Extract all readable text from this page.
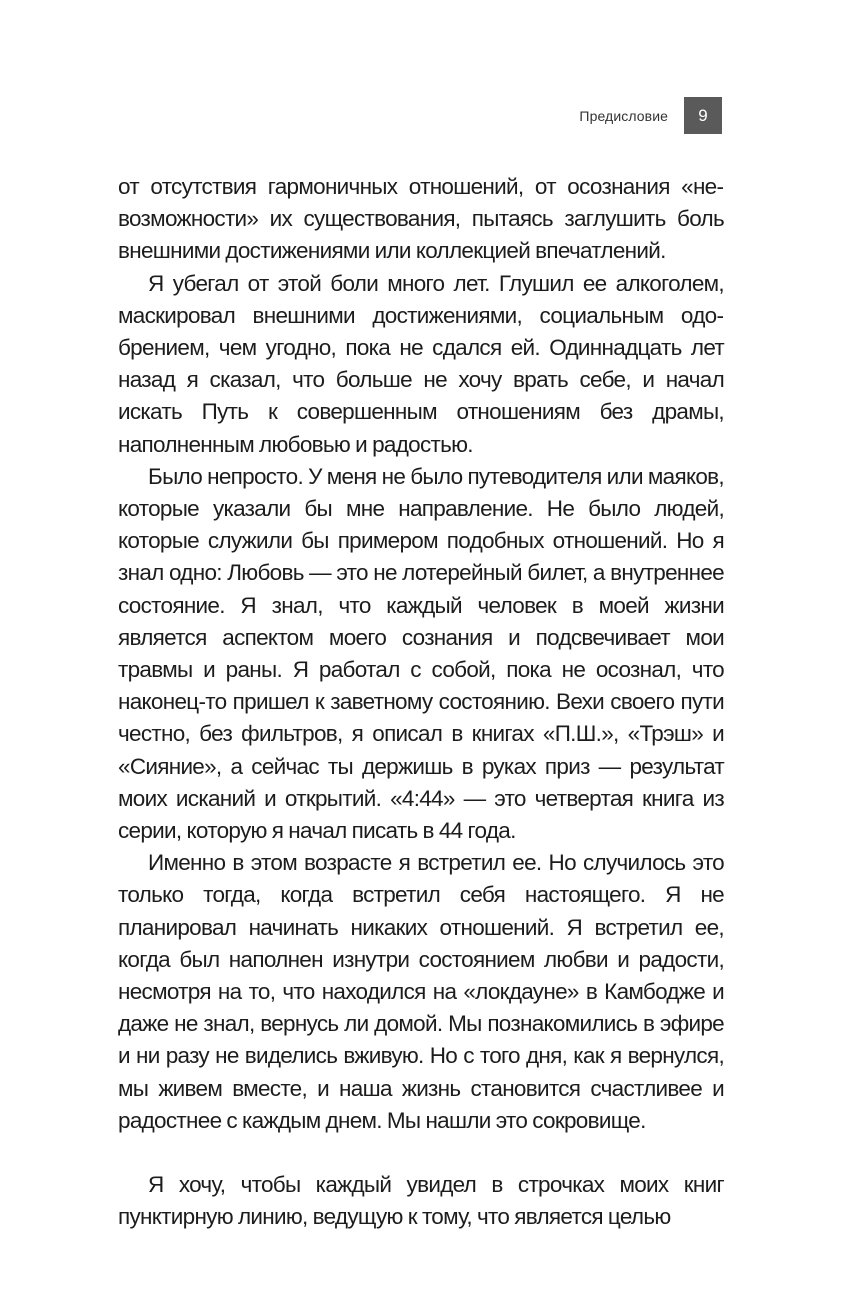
Предисловие	9

от отсутствия гармоничных отношений, от осознания «невозможности» их существования, пытаясь заглушить боль внешними достижениями или коллекцией впечатлений.

Я убегал от этой боли много лет. Глушил ее алкоголем, маскировал внешними достижениями, социальным одобрением, чем угодно, пока не сдался ей. Одиннадцать лет назад я сказал, что больше не хочу врать себе, и начал искать Путь к совершенным отношениям без драмы, наполненным любовью и радостью.

Было непросто. У меня не было путеводителя или маяков, которые указали бы мне направление. Не было людей, которые служили бы примером подобных отношений. Но я знал одно: Любовь — это не лотерейный билет, а внутреннее состояние. Я знал, что каждый человек в моей жизни является аспектом моего сознания и подсвечивает мои травмы и раны. Я работал с собой, пока не осознал, что наконец-то пришел к заветному состоянию. Вехи своего пути честно, без фильтров, я описал в книгах «П.Ш.», «Трэш» и «Сияние», а сейчас ты держишь в руках приз — результат моих исканий и открытий. «4:44» — это четвертая книга из серии, которую я начал писать в 44 года.

Именно в этом возрасте я встретил ее. Но случилось это только тогда, когда встретил себя настоящего. Я не планировал начинать никаких отношений. Я встретил ее, когда был наполнен изнутри состоянием любви и радости, несмотря на то, что находился на «локдауне» в Камбодже и даже не знал, вернусь ли домой. Мы познакомились в эфире и ни разу не виделись вживую. Но с того дня, как я вернулся, мы живем вместе, и наша жизнь становится счастливее и радостнее с каждым днем. Мы нашли это сокровище.

Я хочу, чтобы каждый увидел в строчках моих книг пунктирную линию, ведущую к тому, что является целью
